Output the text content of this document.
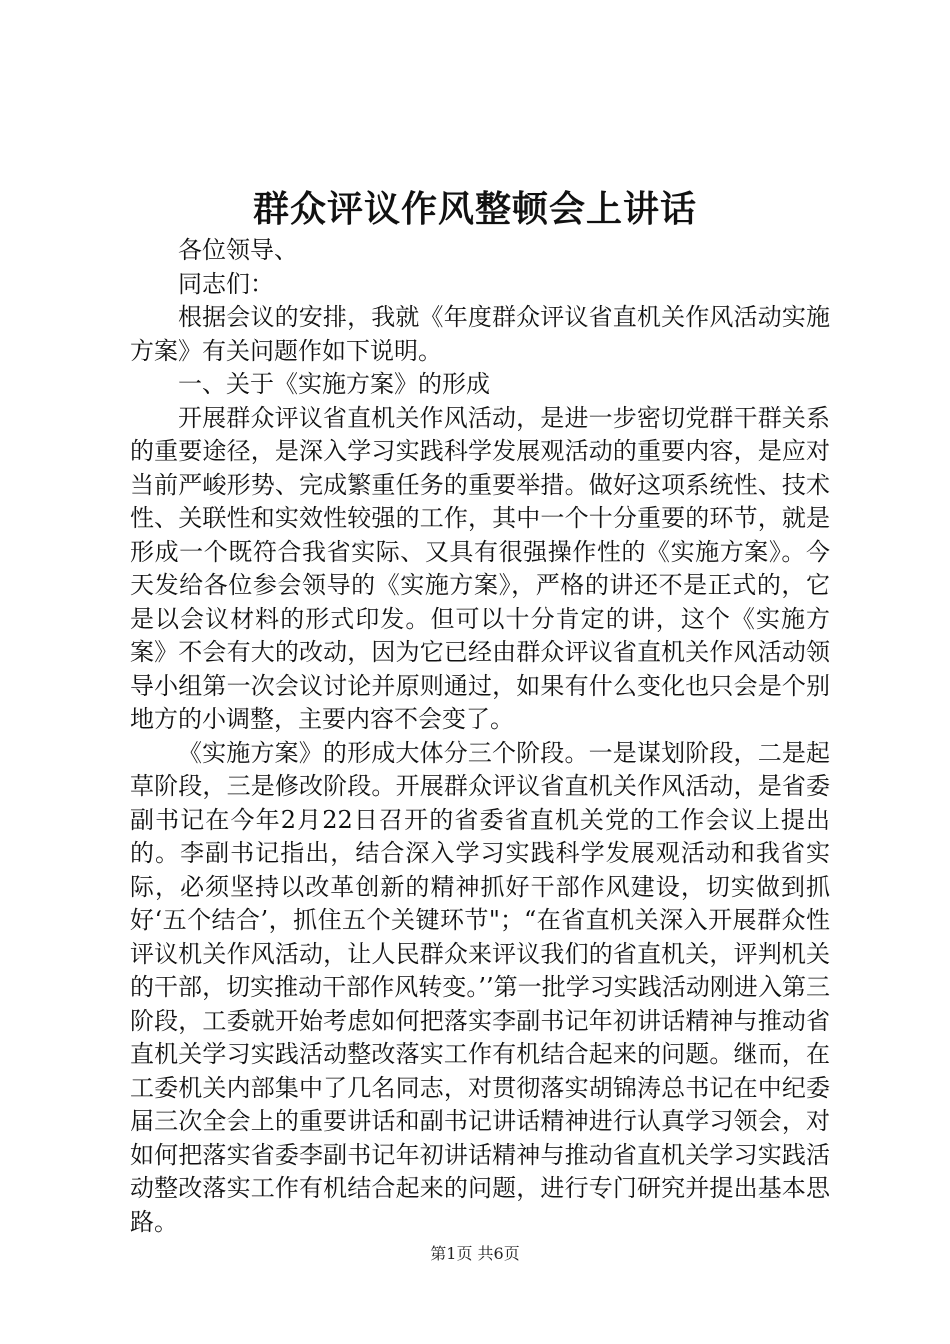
群众评议作风整顿会上讲话

各位领导、

同志们：

根据会议的安排，我就《年度群众评议省直机关作风活动实施方案》有关问题作如下说明。

一、关于《实施方案》的形成

开展群众评议省直机关作风活动，是进一步密切党群干群关系的重要途径，是深入学习实践科学发展观活动的重要内容，是应对当前严峻形势、完成繁重任务的重要举措。做好这项系统性、技术性、关联性和实效性较强的工作，其中一个十分重要的环节，就是形成一个既符合我省实际、又具有很强操作性的《实施方案》。今天发给各位参会领导的《实施方案》，严格的讲还不是正式的，它是以会议材料的形式印发。但可以十分肯定的讲，这个《实施方案》不会有大的改动，因为它已经由群众评议省直机关作风活动领导小组第一次会议讨论并原则通过，如果有什么变化也只会是个别地方的小调整，主要内容不会变了。

《实施方案》的形成大体分三个阶段。一是谋划阶段，二是起草阶段，三是修改阶段。开展群众评议省直机关作风活动，是省委副书记在今年2月22日召开的省委省直机关党的工作会议上提出的。李副书记指出，结合深入学习实践科学发展观活动和我省实际，必须坚持以改革创新的精神抓好干部作风建设，切实做到抓好‘五个结合’，抓住五个关键环节"；“在省直机关深入开展群众性评议机关作风活动，让人民群众来评议我们的省直机关，评判机关的干部，切实推动干部作风转变。’’第一批学习实践活动刚进入第三阶段，工委就开始考虑如何把落实李副书记年初讲话精神与推动省直机关学习实践活动整改落实工作有机结合起来的问题。继而，在工委机关内部集中了几名同志，对贯彻落实胡锦涛总书记在中纪委届三次全会上的重要讲话和副书记讲话精神进行认真学习领会，对如何把落实省委李副书记年初讲话精神与推动省直机关学习实践活动整改落实工作有机结合起来的问题，进行专门研究并提出基本思路。

第1页 共6页
